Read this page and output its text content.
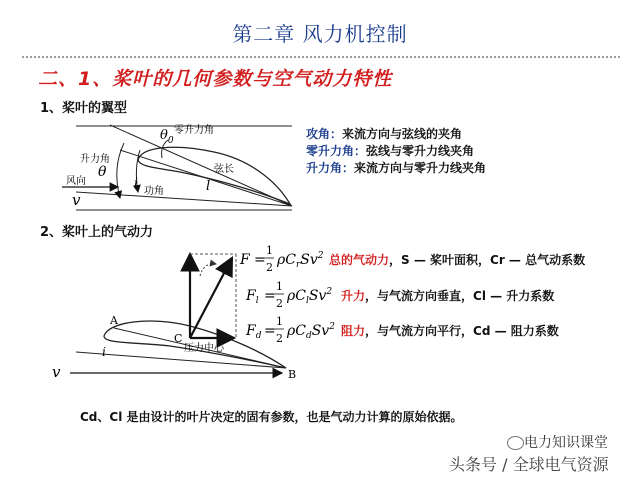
第二章 风力机控制
二、1、桨叶的几何参数与空气动力特性
1、桨叶的翼型
$\theta_0$
零升力角
升力角
θ
风向
v
i
功角
弦长
l
攻角：来流方向与弦线的夹角
零升力角：弦线与零升力线夹角
升力角：来流方向与零升力线夹角
2、桨叶上的气动力
A
B
C
压力中心
v
i
F =
1
2 $\rho C_rSv^2$
$F_l$ =
1
2 $\rho C_lSv^2$
$F_d$ =
1
2 $\rho C_dSv^2$
总的气动力，S — 桨叶面积，Cr — 总气动系数
升力，与气流方向垂直，Cl — 升力系数
阻力，与气流方向平行，Cd — 阻力系数
Cd、Cl 是由设计的叶片决定的固有参数，也是气动力计算的原始依据。
电力知识课堂
头条号 / 全球电气资源
